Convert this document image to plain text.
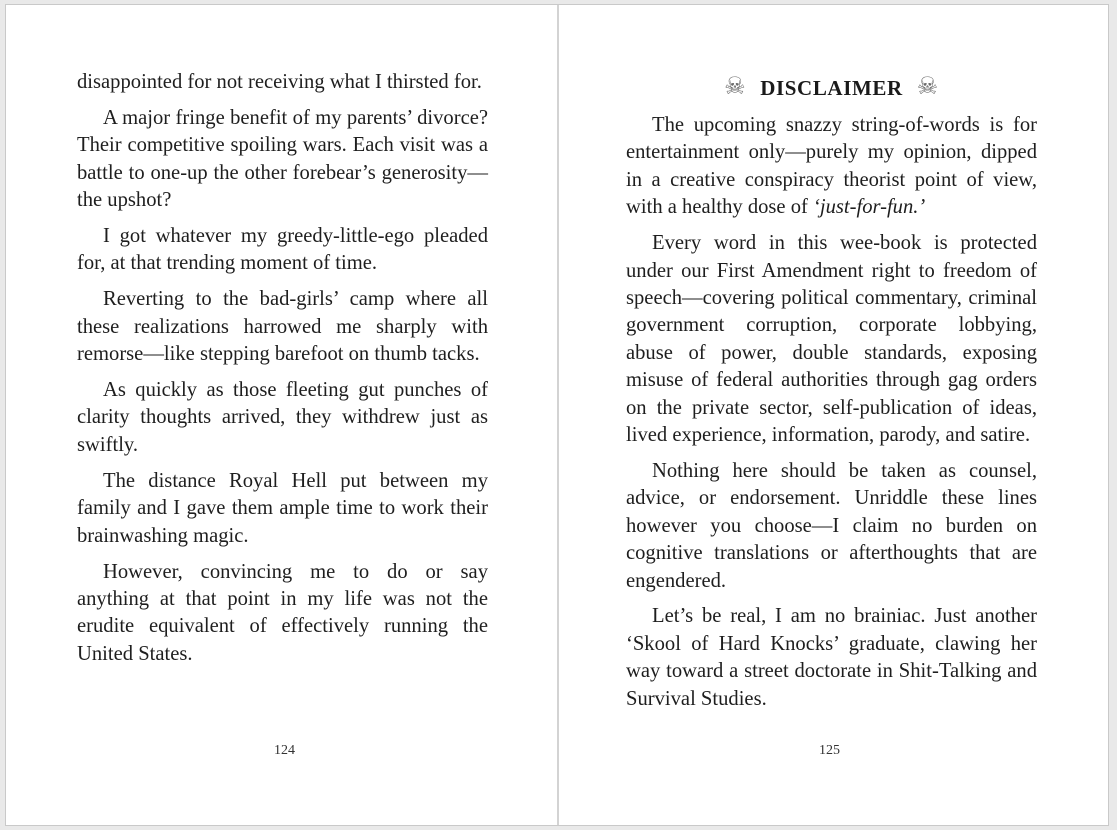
disappointed for not receiving what I thirsted for.

A major fringe benefit of my parents’ divorce? Their competitive spoiling wars. Each visit was a battle to one-up the other forebear’s generosity—the upshot?

I got whatever my greedy-little-ego pleaded for, at that trending moment of time.

Reverting to the bad-girls’ camp where all these realizations harrowed me sharply with remorse—like stepping barefoot on thumb tacks.

As quickly as those fleeting gut punches of clarity thoughts arrived, they withdrew just as swiftly.

The distance Royal Hell put between my family and I gave them ample time to work their brainwashing magic.

However, convincing me to do or say anything at that point in my life was not the erudite equivalent of effectively running the United States.

124
☠ DISCLAIMER ☠

The upcoming snazzy string-of-words is for entertainment only—purely my opinion, dipped in a creative conspiracy theorist point of view, with a healthy dose of ‘just-for-fun.’

Every word in this wee-book is protected under our First Amendment right to freedom of speech—covering political commentary, criminal government corruption, corporate lobbying, abuse of power, double standards, exposing misuse of federal authorities through gag orders on the private sector, self-publication of ideas, lived experience, information, parody, and satire.

Nothing here should be taken as counsel, advice, or endorsement. Unriddle these lines however you choose—I claim no burden on cognitive translations or afterthoughts that are engendered.

Let’s be real, I am no brainiac. Just another ‘Skool of Hard Knocks’ graduate, clawing her way toward a street doctorate in Shit-Talking and Survival Studies.

125
